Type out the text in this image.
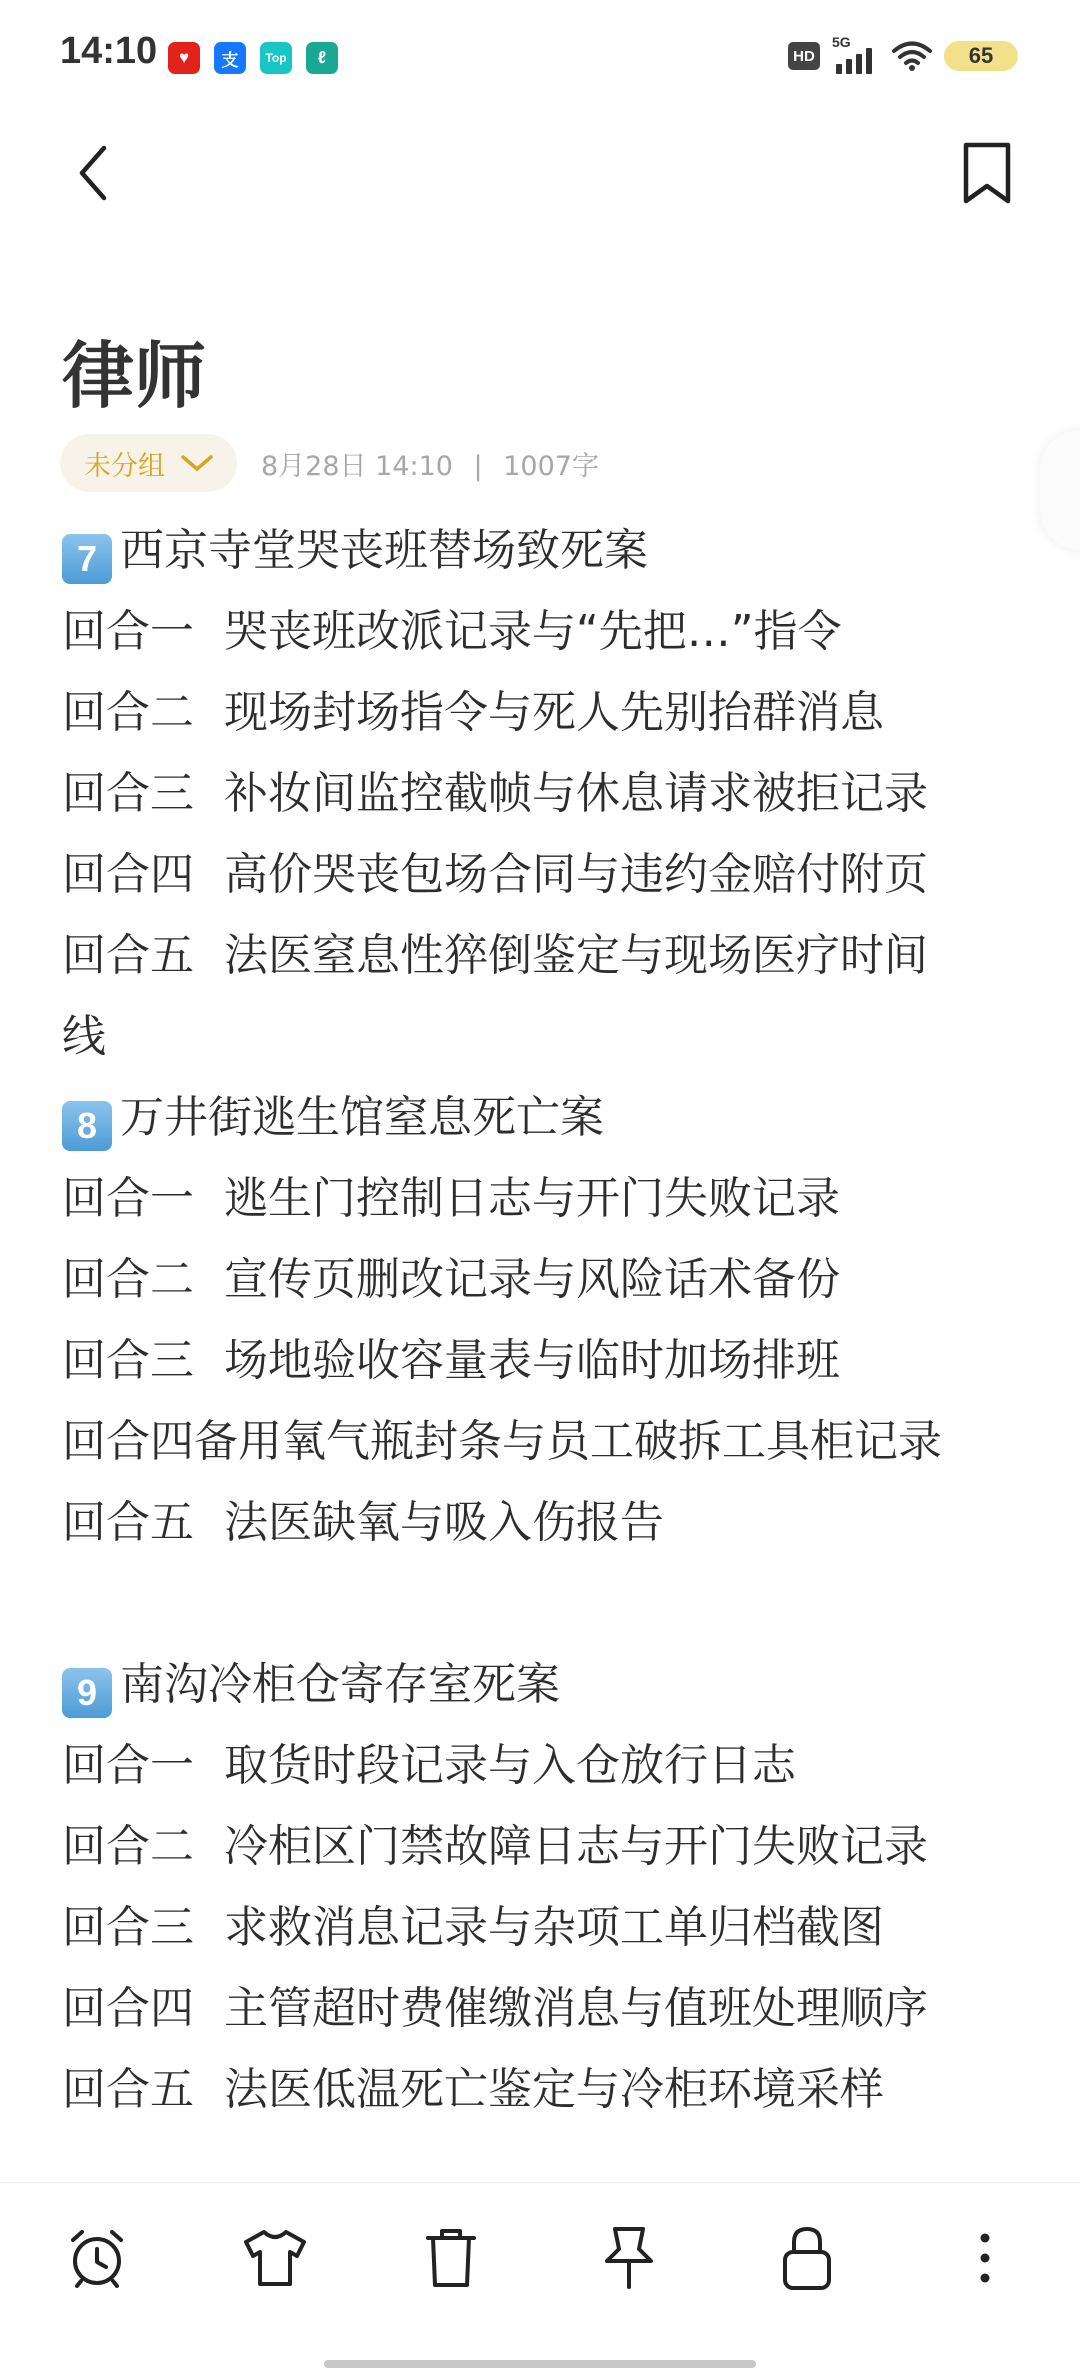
14:10	♥	支	Top	ℓ	HD
5G
65
律师
未分组	8月28日 14:10 | 1007字
7 西京寺堂哭丧班替场致死案
回合一 哭丧班改派记录与“先把…”指令
回合二 现场封场指令与死人先别抬群消息
回合三 补妆间监控截帧与休息请求被拒记录
回合四 高价哭丧包场合同与违约金赔付附页
回合五 法医窒息性猝倒鉴定与现场医疗时间
线
8 万井街逃生馆窒息死亡案
回合一 逃生门控制日志与开门失败记录
回合二 宣传页删改记录与风险话术备份
回合三 场地验收容量表与临时加场排班
回合四备用氧气瓶封条与员工破拆工具柜记录
回合五 法医缺氧与吸入伤报告
9 南沟冷柜仓寄存室死案
回合一 取货时段记录与入仓放行日志
回合二 冷柜区门禁故障日志与开门失败记录
回合三 求救消息记录与杂项工单归档截图
回合四 主管超时费催缴消息与值班处理顺序
回合五 法医低温死亡鉴定与冷柜环境采样
